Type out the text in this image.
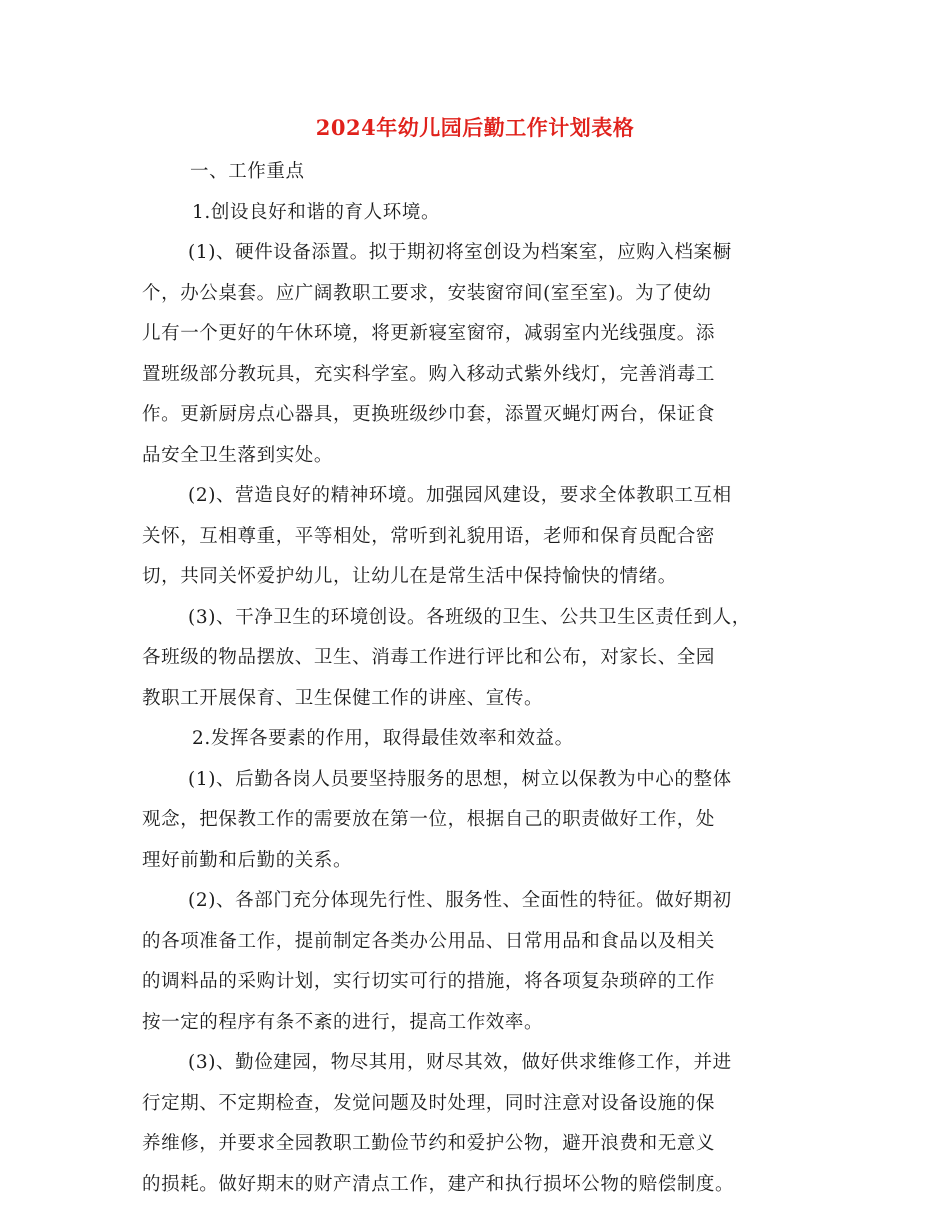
2024年幼儿园后勤工作计划表格
一、工作重点
1.创设良好和谐的育人环境。
(1)、硬件设备添置。拟于期初将室创设为档案室，应购入档案橱
个，办公桌套。应广阔教职工要求，安装窗帘间(室至室)。为了使幼
儿有一个更好的午休环境，将更新寝室窗帘，减弱室内光线强度。添
置班级部分教玩具，充实科学室。购入移动式紫外线灯，完善消毒工
作。更新厨房点心器具，更换班级纱巾套，添置灭蝇灯两台，保证食
品安全卫生落到实处。
(2)、营造良好的精神环境。加强园风建设，要求全体教职工互相
关怀，互相尊重，平等相处，常听到礼貌用语，老师和保育员配合密
切，共同关怀爱护幼儿，让幼儿在是常生活中保持愉快的情绪。
(3)、干净卫生的环境创设。各班级的卫生、公共卫生区责任到人，
各班级的物品摆放、卫生、消毒工作进行评比和公布，对家长、全园
教职工开展保育、卫生保健工作的讲座、宣传。
2.发挥各要素的作用，取得最佳效率和效益。
(1)、后勤各岗人员要坚持服务的思想，树立以保教为中心的整体
观念，把保教工作的需要放在第一位，根据自己的职责做好工作，处
理好前勤和后勤的关系。
(2)、各部门充分体现先行性、服务性、全面性的特征。做好期初
的各项准备工作，提前制定各类办公用品、日常用品和食品以及相关
的调料品的采购计划，实行切实可行的措施，将各项复杂琐碎的工作
按一定的程序有条不紊的进行，提高工作效率。
(3)、勤俭建园，物尽其用，财尽其效，做好供求维修工作，并进
行定期、不定期检查，发觉问题及时处理，同时注意对设备设施的保
养维修，并要求全园教职工勤俭节约和爱护公物，避开浪费和无意义
的损耗。做好期末的财产清点工作，建产和执行损坏公物的赔偿制度。
